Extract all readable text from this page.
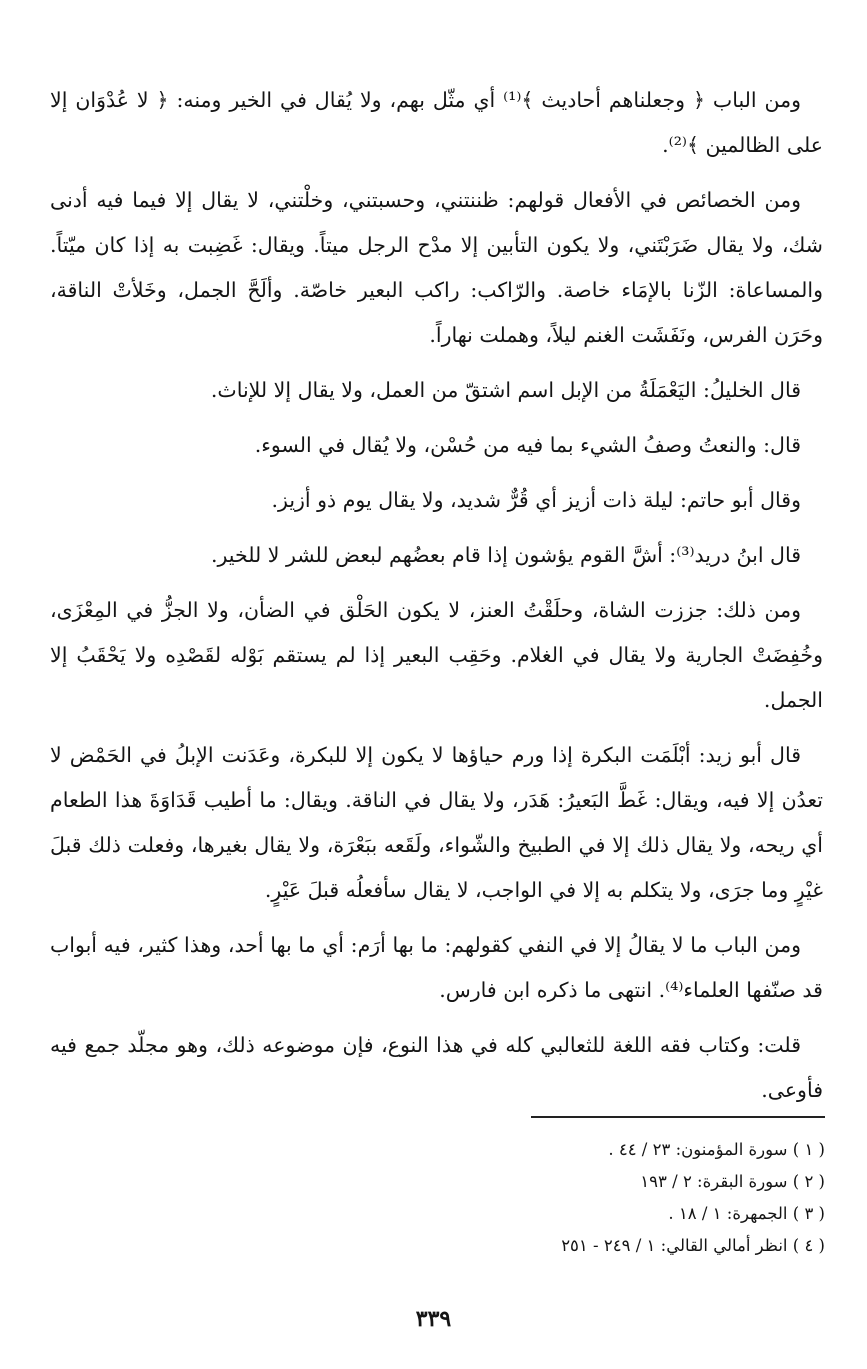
ومن الباب ﴿ وجعلناهم أحاديث ﴾⁽¹⁾ أي مثّل بهم، ولا يُقال في الخير ومنه: ﴿ لا عُدْوَان إلا على الظالمين ﴾⁽²⁾.

ومن الخصائص في الأفعال قولهم: ظننتني، وحسبتني، وخلْتني، لا يقال إلا فيما فيه أدنى شك، ولا يقال ضَرَبْتَني، ولا يكون التأبين إلا مدْح الرجل ميتاً. ويقال: غَضِبت به إذا كان ميّتاً. والمساعاة: الزّنا بالإمَاء خاصة. والرّاكب: راكب البعير خاصّة. وألَحَّ الجمل، وخَلأتْ الناقة، وحَرَن الفرس، ونَفَشَت الغنم ليلاً، وهملت نهاراً.

قال الخليلُ: اليَعْمَلَةُ من الإبل اسم اشتقّ من العمل، ولا يقال إلا للإناث.

قال: والنعتُ وصفُ الشيء بما فيه من حُسْن، ولا يُقال في السوء.

وقال أبو حاتم: ليلة ذات أزيز أي قُرٌّ شديد، ولا يقال يوم ذو أزيز.

قال ابنُ دريد⁽³⁾: أشَّ القوم يؤشون إذا قام بعضُهم لبعض للشر لا للخير.

ومن ذلك: جززت الشاة، وحلَقْتُ العنز، لا يكون الحَلْق في الضأن، ولا الجزُّ في المِعْزَى، وخُفِضَتْ الجارية ولا يقال في الغلام. وحَقِب البعير إذا لم يستقم بَوْله لقَصْدِه ولا يَحْقَبُ إلا الجمل.

قال أبو زيد: أبْلَمَت البكرة إذا ورم حياؤها لا يكون إلا للبكرة، وعَدَنت الإبلُ في الحَمْض لا تعدُن إلا فيه، ويقال: غَطَّ البَعيرُ: هَدَر، ولا يقال في الناقة. ويقال: ما أطيب قَدَاوَةَ هذا الطعام أي ريحه، ولا يقال ذلك إلا في الطبيخ والشّواء، ولَقَعه ببَعْرَة، ولا يقال بغيرها، وفعلت ذلك قبلَ غيْرٍ وما جرَى، ولا يتكلم به إلا في الواجب، لا يقال سأفعلُه قبلَ عَيْرٍ.

ومن الباب ما لا يقالُ إلا في النفي كقولهم: ما بها أرَم: أي ما بها أحد، وهذا كثير، فيه أبواب قد صنّفها العلماء⁽⁴⁾. انتهى ما ذكره ابن فارس.

قلت: وكتاب فقه اللغة للثعالبي كله في هذا النوع، فإن موضوعه ذلك، وهو مجلّد جمع فيه فأوعى.

( ١ ) سورة المؤمنون: ٢٣ / ٤٤ .
( ٢ ) سورة البقرة: ٢ / ١٩٣
( ٣ ) الجمهرة: ١ / ١٨ .
( ٤ ) انظر أمالي القالي: ١ / ٢٤٩ - ٢٥١
٣٣٩
